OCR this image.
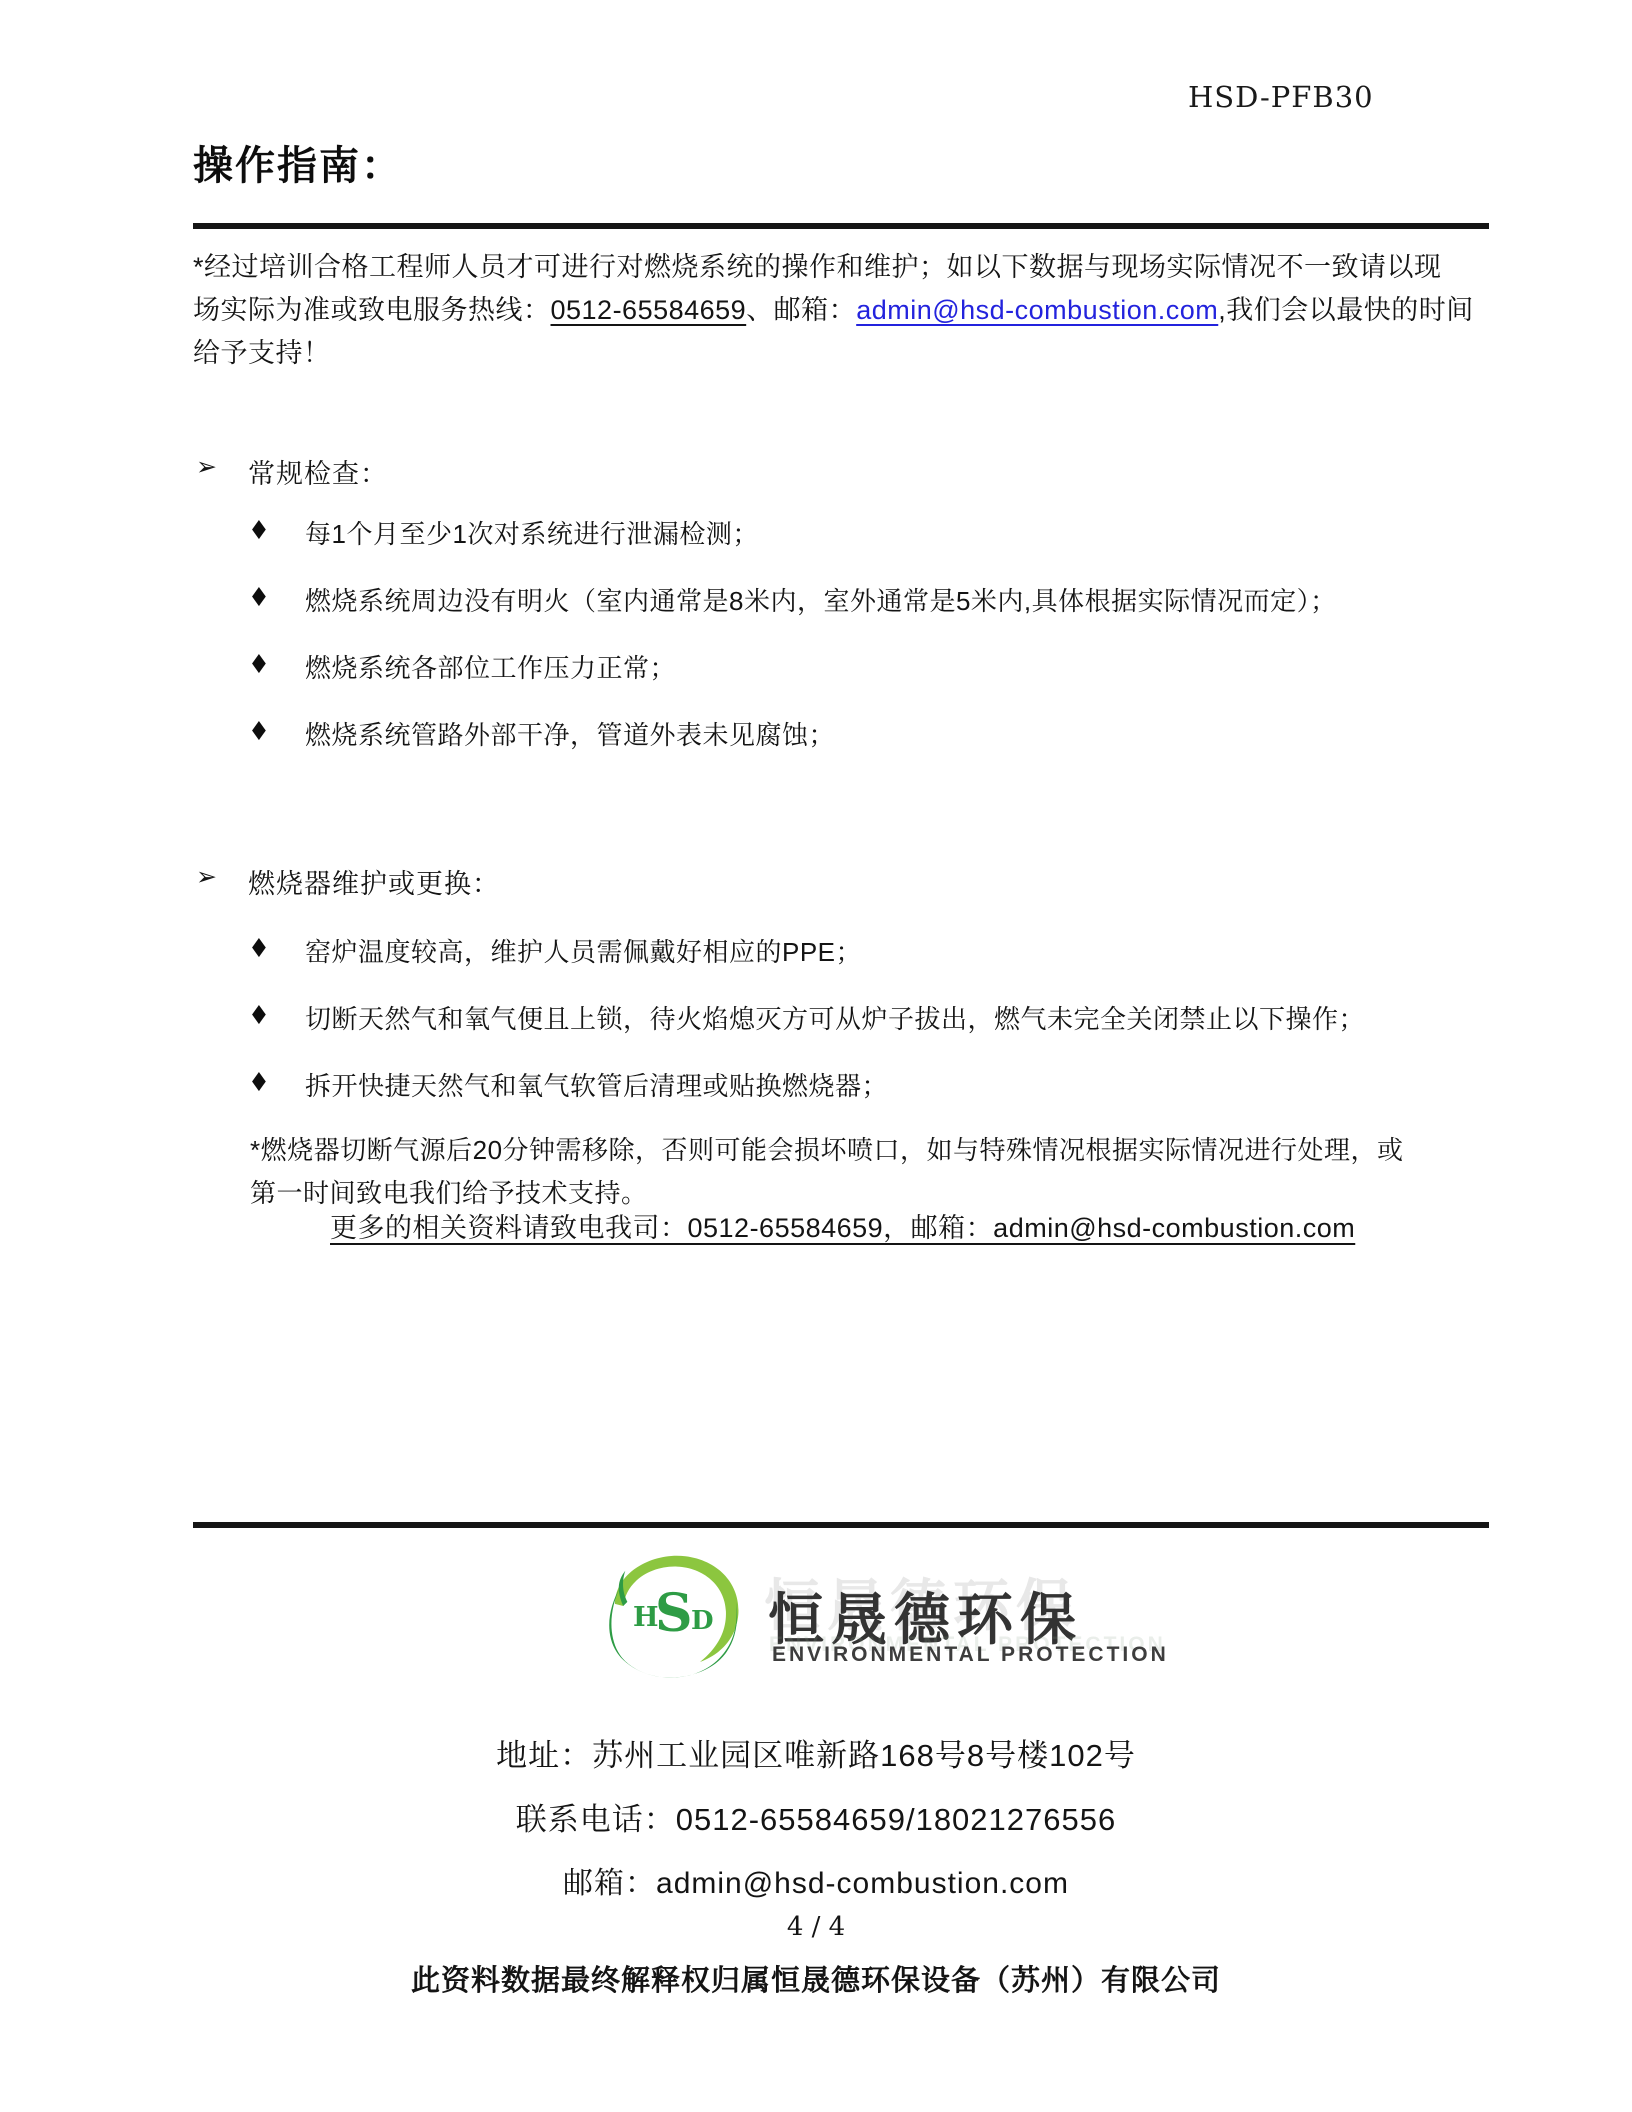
HSD-PFB30
操作指南：
*经过培训合格工程师人员才可进行对燃烧系统的操作和维护；如以下数据与现场实际情况不一致请以现
场实际为准或致电服务热线：0512-65584659、邮箱：admin@hsd-combustion.com,我们会以最快的时间
给予支持！
➢ 常规检查：
◆ 每1个月至少1次对系统进行泄漏检测；
◆ 燃烧系统周边没有明火（室内通常是8米内，室外通常是5米内,具体根据实际情况而定）；
◆ 燃烧系统各部位工作压力正常；
◆ 燃烧系统管路外部干净，管道外表未见腐蚀；
➢ 燃烧器维护或更换：
◆ 窑炉温度较高，维护人员需佩戴好相应的PPE；
◆ 切断天然气和氧气便且上锁，待火焰熄灭方可从炉子拔出，燃气未完全关闭禁止以下操作；
◆ 拆开快捷天然气和氧气软管后清理或贴换燃烧器；
*燃烧器切断气源后20分钟需移除，否则可能会损坏喷口，如与特殊情况根据实际情况进行处理，或
第一时间致电我们给予技术支持。
更多的相关资料请致电我司：0512-65584659，邮箱：admin@hsd-combustion.com
H
S
D 恒晟德环保
ENVIRONMENTAL PROTECTION
地址：苏州工业园区唯新路168号8号楼102号
联系电话：0512-65584659/18021276556
邮箱：admin@hsd-combustion.com
4 / 4
此资料数据最终解释权归属恒晟德环保设备（苏州）有限公司
